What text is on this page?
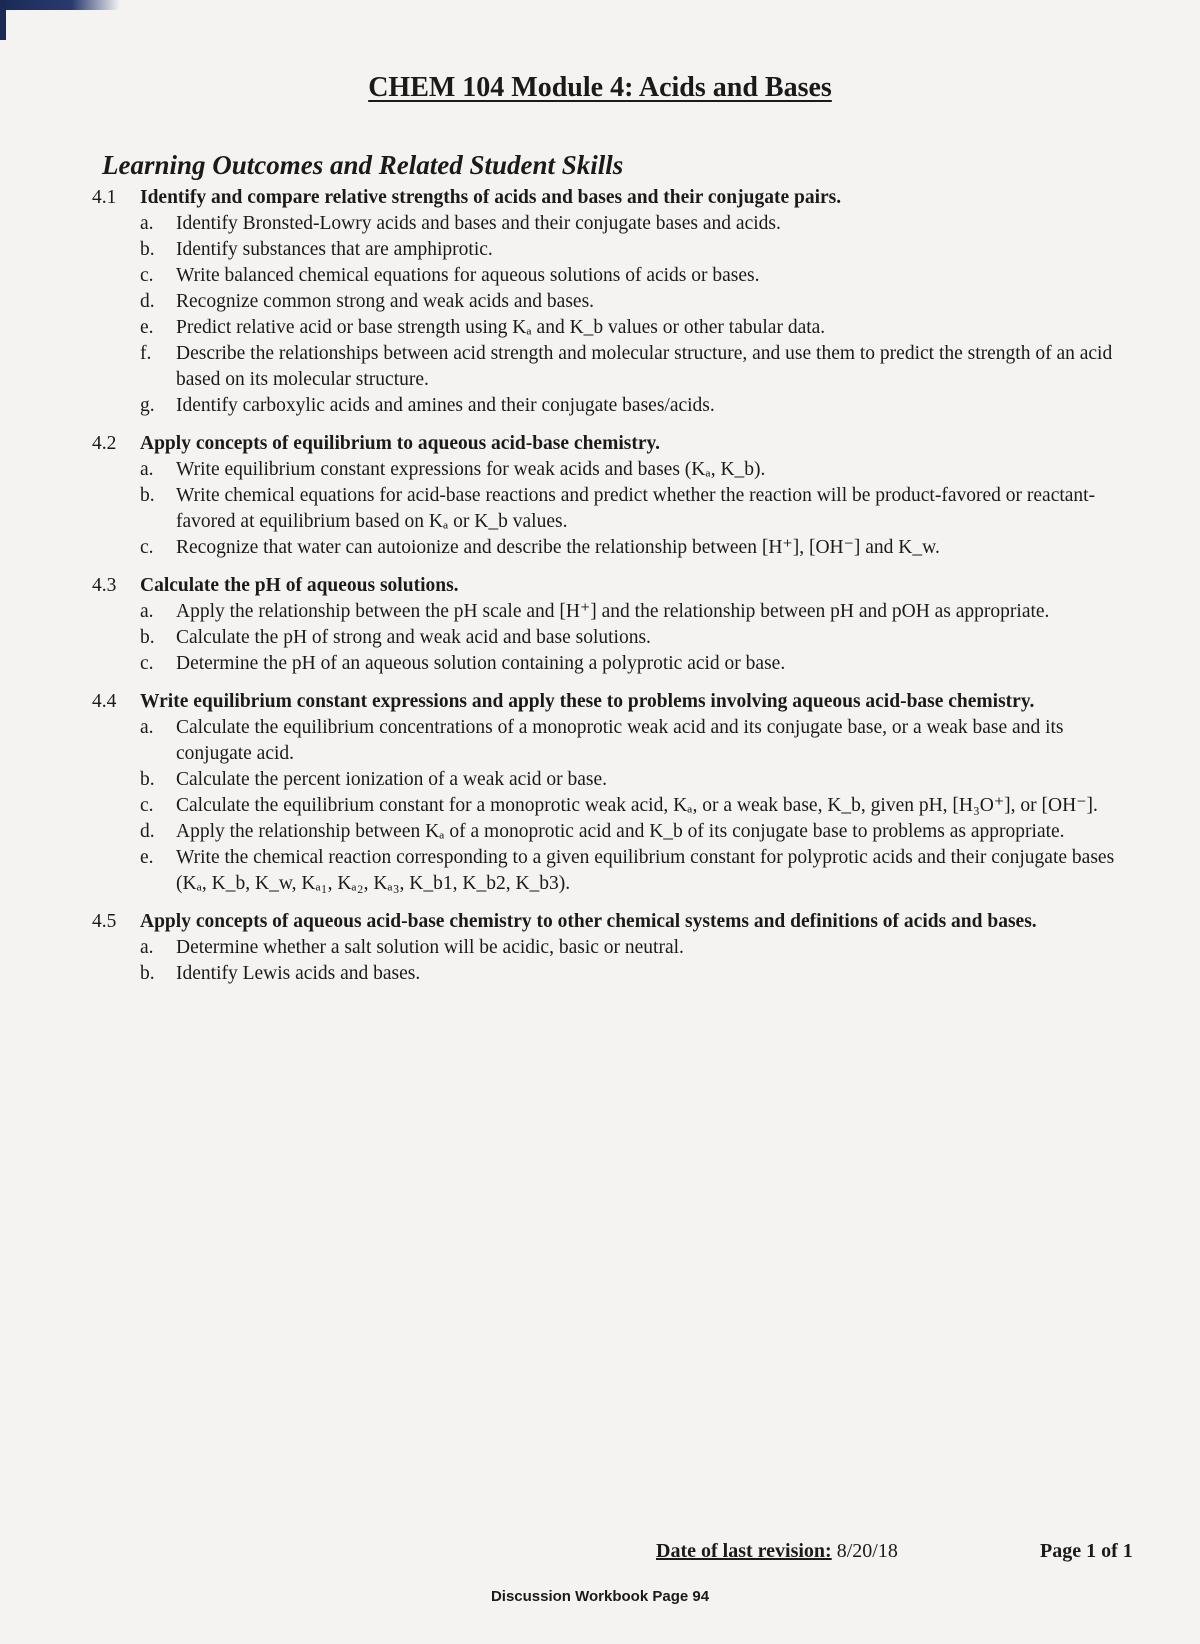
CHEM 104 Module 4: Acids and Bases
Learning Outcomes and Related Student Skills
4.1	Identify and compare relative strengths of acids and bases and their conjugate pairs.
a.	Identify Bronsted-Lowry acids and bases and their conjugate bases and acids.
b.	Identify substances that are amphiprotic.
c.	Write balanced chemical equations for aqueous solutions of acids or bases.
d.	Recognize common strong and weak acids and bases.
e.	Predict relative acid or base strength using Kₐ and K_b values or other tabular data.
f.	Describe the relationships between acid strength and molecular structure, and use them to predict the strength of an acid based on its molecular structure.
g.	Identify carboxylic acids and amines and their conjugate bases/acids.
4.2	Apply concepts of equilibrium to aqueous acid-base chemistry.
a.	Write equilibrium constant expressions for weak acids and bases (Kₐ, K_b).
b.	Write chemical equations for acid-base reactions and predict whether the reaction will be product-favored or reactant-favored at equilibrium based on Kₐ or K_b values.
c.	Recognize that water can autoionize and describe the relationship between [H⁺], [OH⁻] and K_w.
4.3	Calculate the pH of aqueous solutions.
a.	Apply the relationship between the pH scale and [H⁺] and the relationship between pH and pOH as appropriate.
b.	Calculate the pH of strong and weak acid and base solutions.
c.	Determine the pH of an aqueous solution containing a polyprotic acid or base.
4.4	Write equilibrium constant expressions and apply these to problems involving aqueous acid-base chemistry.
a.	Calculate the equilibrium concentrations of a monoprotic weak acid and its conjugate base, or a weak base and its conjugate acid.
b.	Calculate the percent ionization of a weak acid or base.
c.	Calculate the equilibrium constant for a monoprotic weak acid, Kₐ, or a weak base, K_b, given pH, [H₃O⁺], or [OH⁻].
d.	Apply the relationship between Kₐ of a monoprotic acid and K_b of its conjugate base to problems as appropriate.
e.	Write the chemical reaction corresponding to a given equilibrium constant for polyprotic acids and their conjugate bases (Kₐ, K_b, K_w, Kₐ₁, Kₐ₂, Kₐ₃, K_b1, K_b2, K_b3).
4.5	Apply concepts of aqueous acid-base chemistry to other chemical systems and definitions of acids and bases.
a.	Determine whether a salt solution will be acidic, basic or neutral.
b.	Identify Lewis acids and bases.
Date of last revision: 8/20/18	Page 1 of 1
Discussion Workbook Page 94
